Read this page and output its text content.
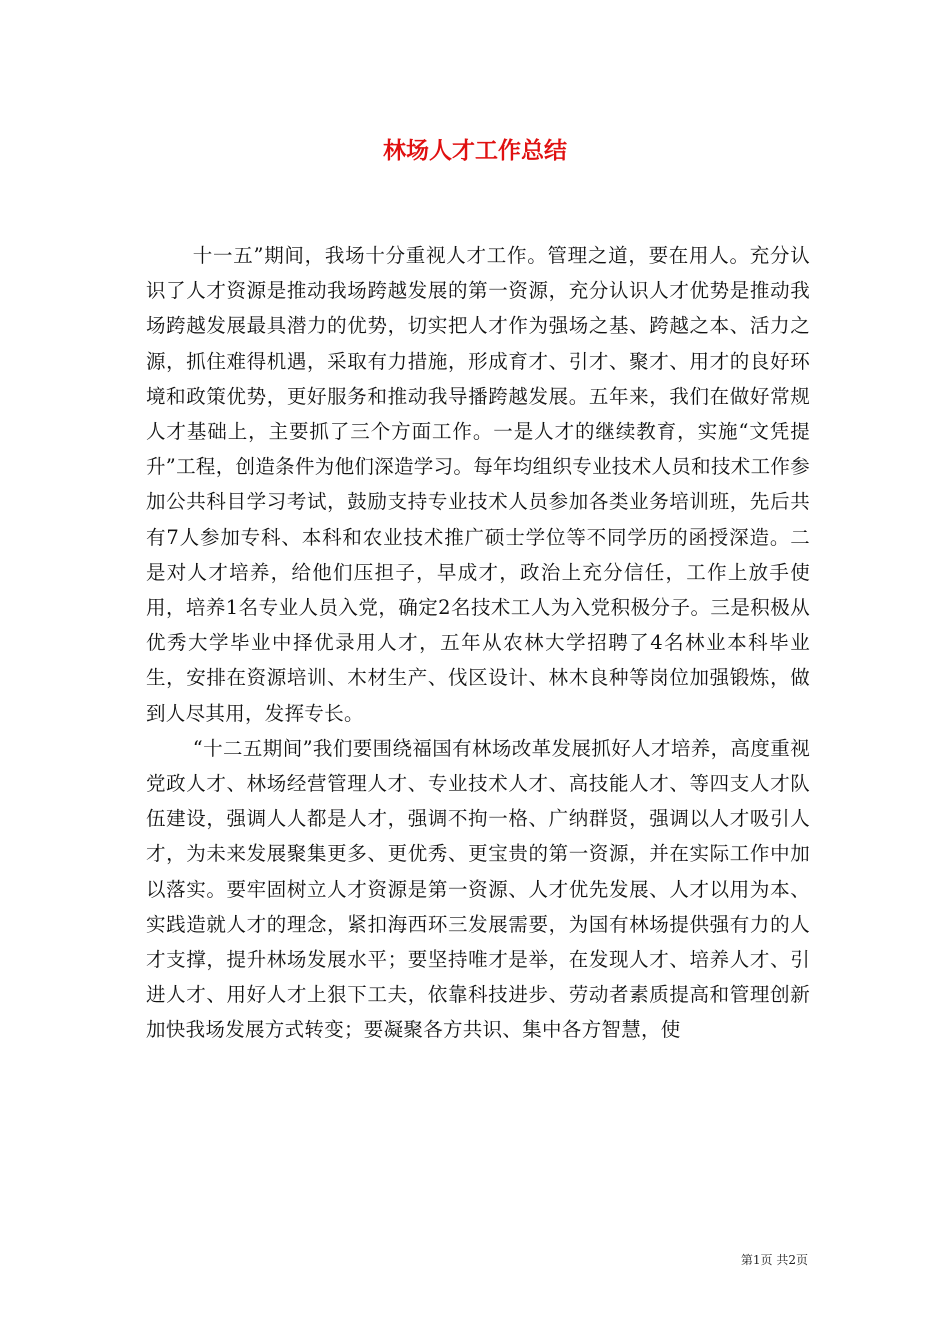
林场人才工作总结

十一五”期间，我场十分重视人才工作。管理之道，要在用人。充分认识了人才资源是推动我场跨越发展的第一资源，充分认识人才优势是推动我场跨越发展最具潜力的优势，切实把人才作为强场之基、跨越之本、活力之源，抓住难得机遇，采取有力措施，形成育才、引才、聚才、用才的良好环境和政策优势，更好服务和推动我导播跨越发展。五年来，我们在做好常规人才基础上，主要抓了三个方面工作。一是人才的继续教育，实施“文凭提升”工程，创造条件为他们深造学习。每年均组织专业技术人员和技术工作参加公共科目学习考试，鼓励支持专业技术人员参加各类业务培训班，先后共有7人参加专科、本科和农业技术推广硕士学位等不同学历的函授深造。二是对人才培养，给他们压担子，早成才，政治上充分信任，工作上放手使用，培养1名专业人员入党，确定2名技术工人为入党积极分子。三是积极从优秀大学毕业中择优录用人才，五年从农林大学招聘了4名林业本科毕业生，安排在资源培训、木材生产、伐区设计、林木良种等岗位加强锻炼，做到人尽其用，发挥专长。

“十二五期间”我们要围绕福国有林场改革发展抓好人才培养，高度重视党政人才、林场经营管理人才、专业技术人才、高技能人才、等四支人才队伍建设，强调人人都是人才，强调不拘一格、广纳群贤，强调以人才吸引人才，为未来发展聚集更多、更优秀、更宝贵的第一资源，并在实际工作中加以落实。要牢固树立人才资源是第一资源、人才优先发展、人才以用为本、实践造就人才的理念，紧扣海西环三发展需要，为国有林场提供强有力的人才支撑，提升林场发展水平；要坚持唯才是举，在发现人才、培养人才、引进人才、用好人才上狠下工夫，依靠科技进步、劳动者素质提高和管理创新加快我场发展方式转变；要凝聚各方共识、集中各方智慧，使

第1页 共2页
